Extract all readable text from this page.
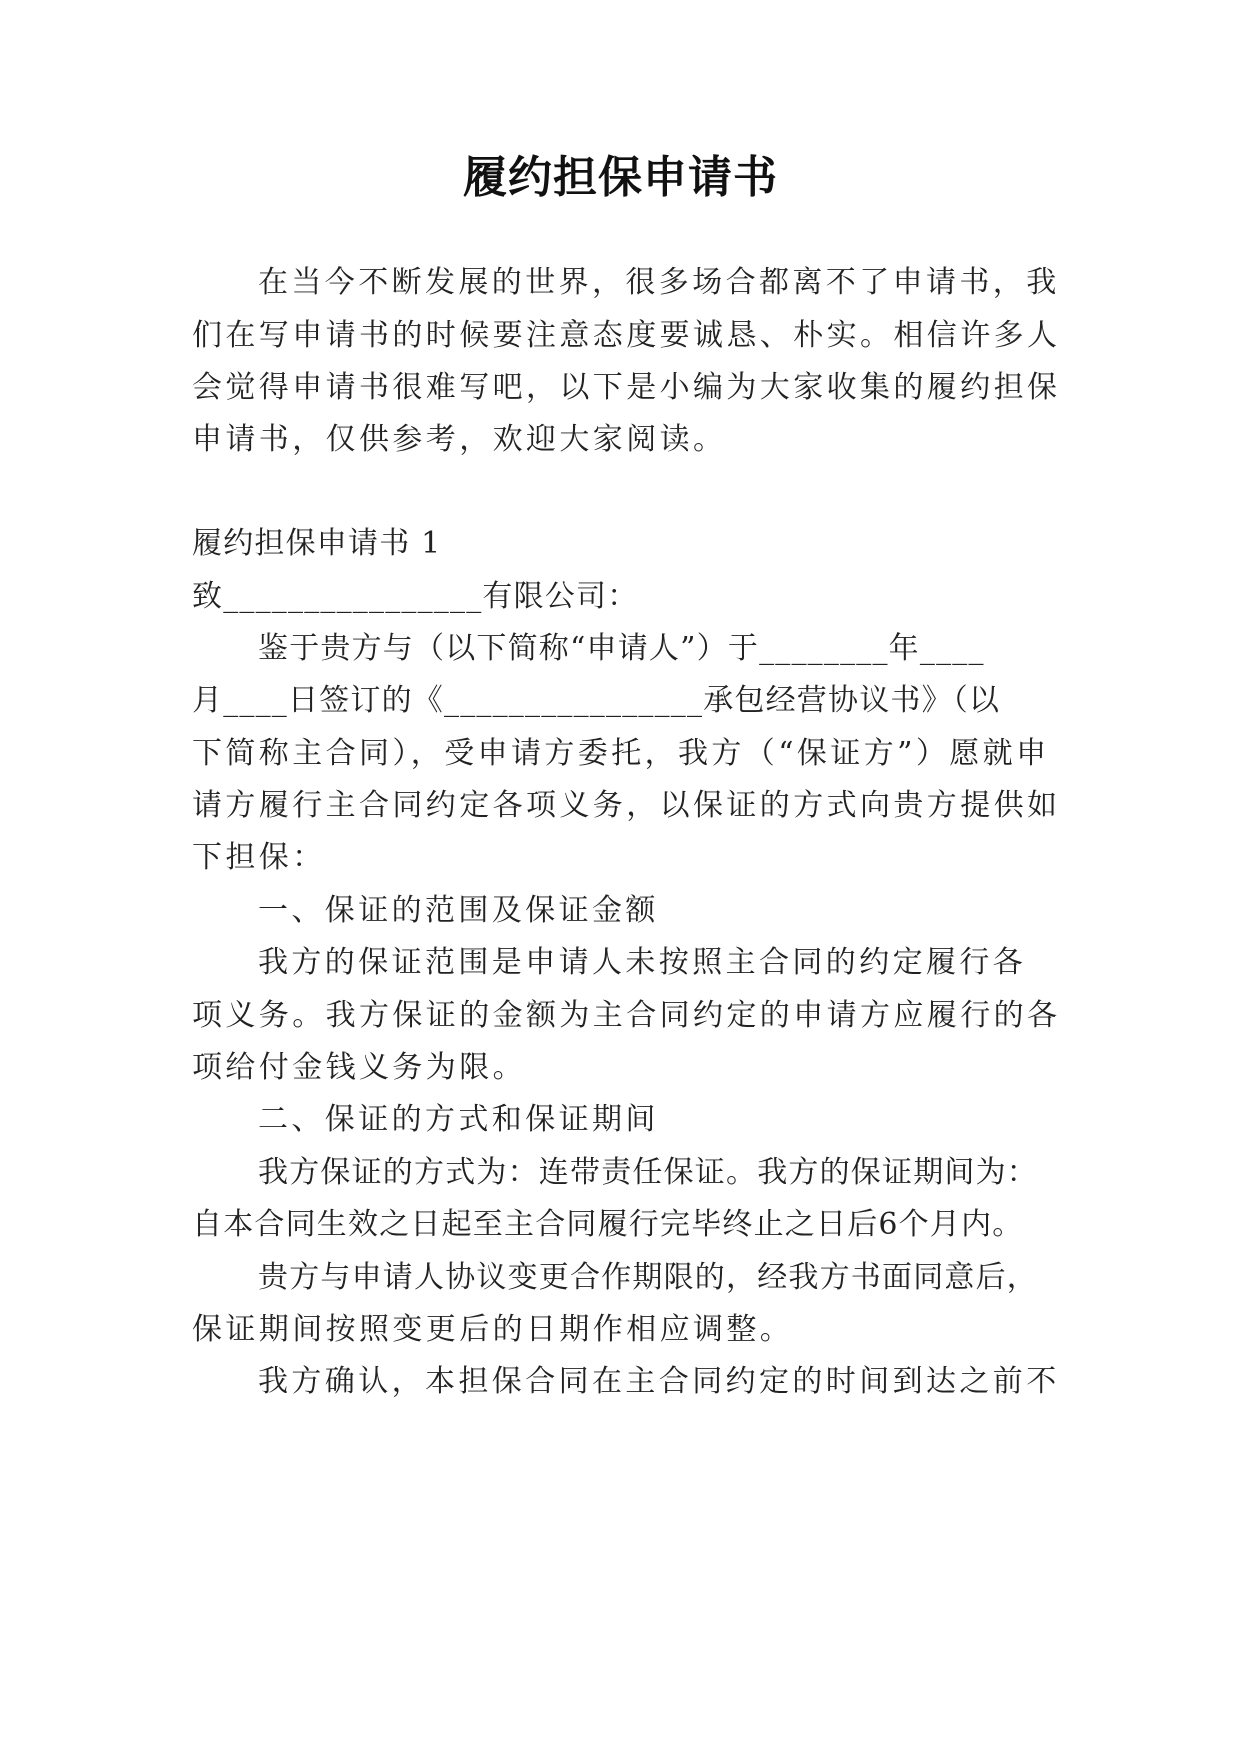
履约担保申请书
在当今不断发展的世界，很多场合都离不了申请书，我
们在写申请书的时候要注意态度要诚恳、朴实。相信许多人
会觉得申请书很难写吧，以下是小编为大家收集的履约担保
申请书，仅供参考，欢迎大家阅读。
履约担保申请书 1
致________________有限公司：
鉴于贵方与（以下简称“申请人”）于________年____
月____日签订的《________________承包经营协议书》（以
下简称主合同），受申请方委托，我方（“保证方”）愿就申
请方履行主合同约定各项义务，以保证的方式向贵方提供如
下担保：
一、保证的范围及保证金额
我方的保证范围是申请人未按照主合同的约定履行各
项义务。我方保证的金额为主合同约定的申请方应履行的各
项给付金钱义务为限。
二、保证的方式和保证期间
我方保证的方式为：连带责任保证。我方的保证期间为：
自本合同生效之日起至主合同履行完毕终止之日后6个月内。
贵方与申请人协议变更合作期限的，经我方书面同意后，
保证期间按照变更后的日期作相应调整。
我方确认，本担保合同在主合同约定的时间到达之前不
